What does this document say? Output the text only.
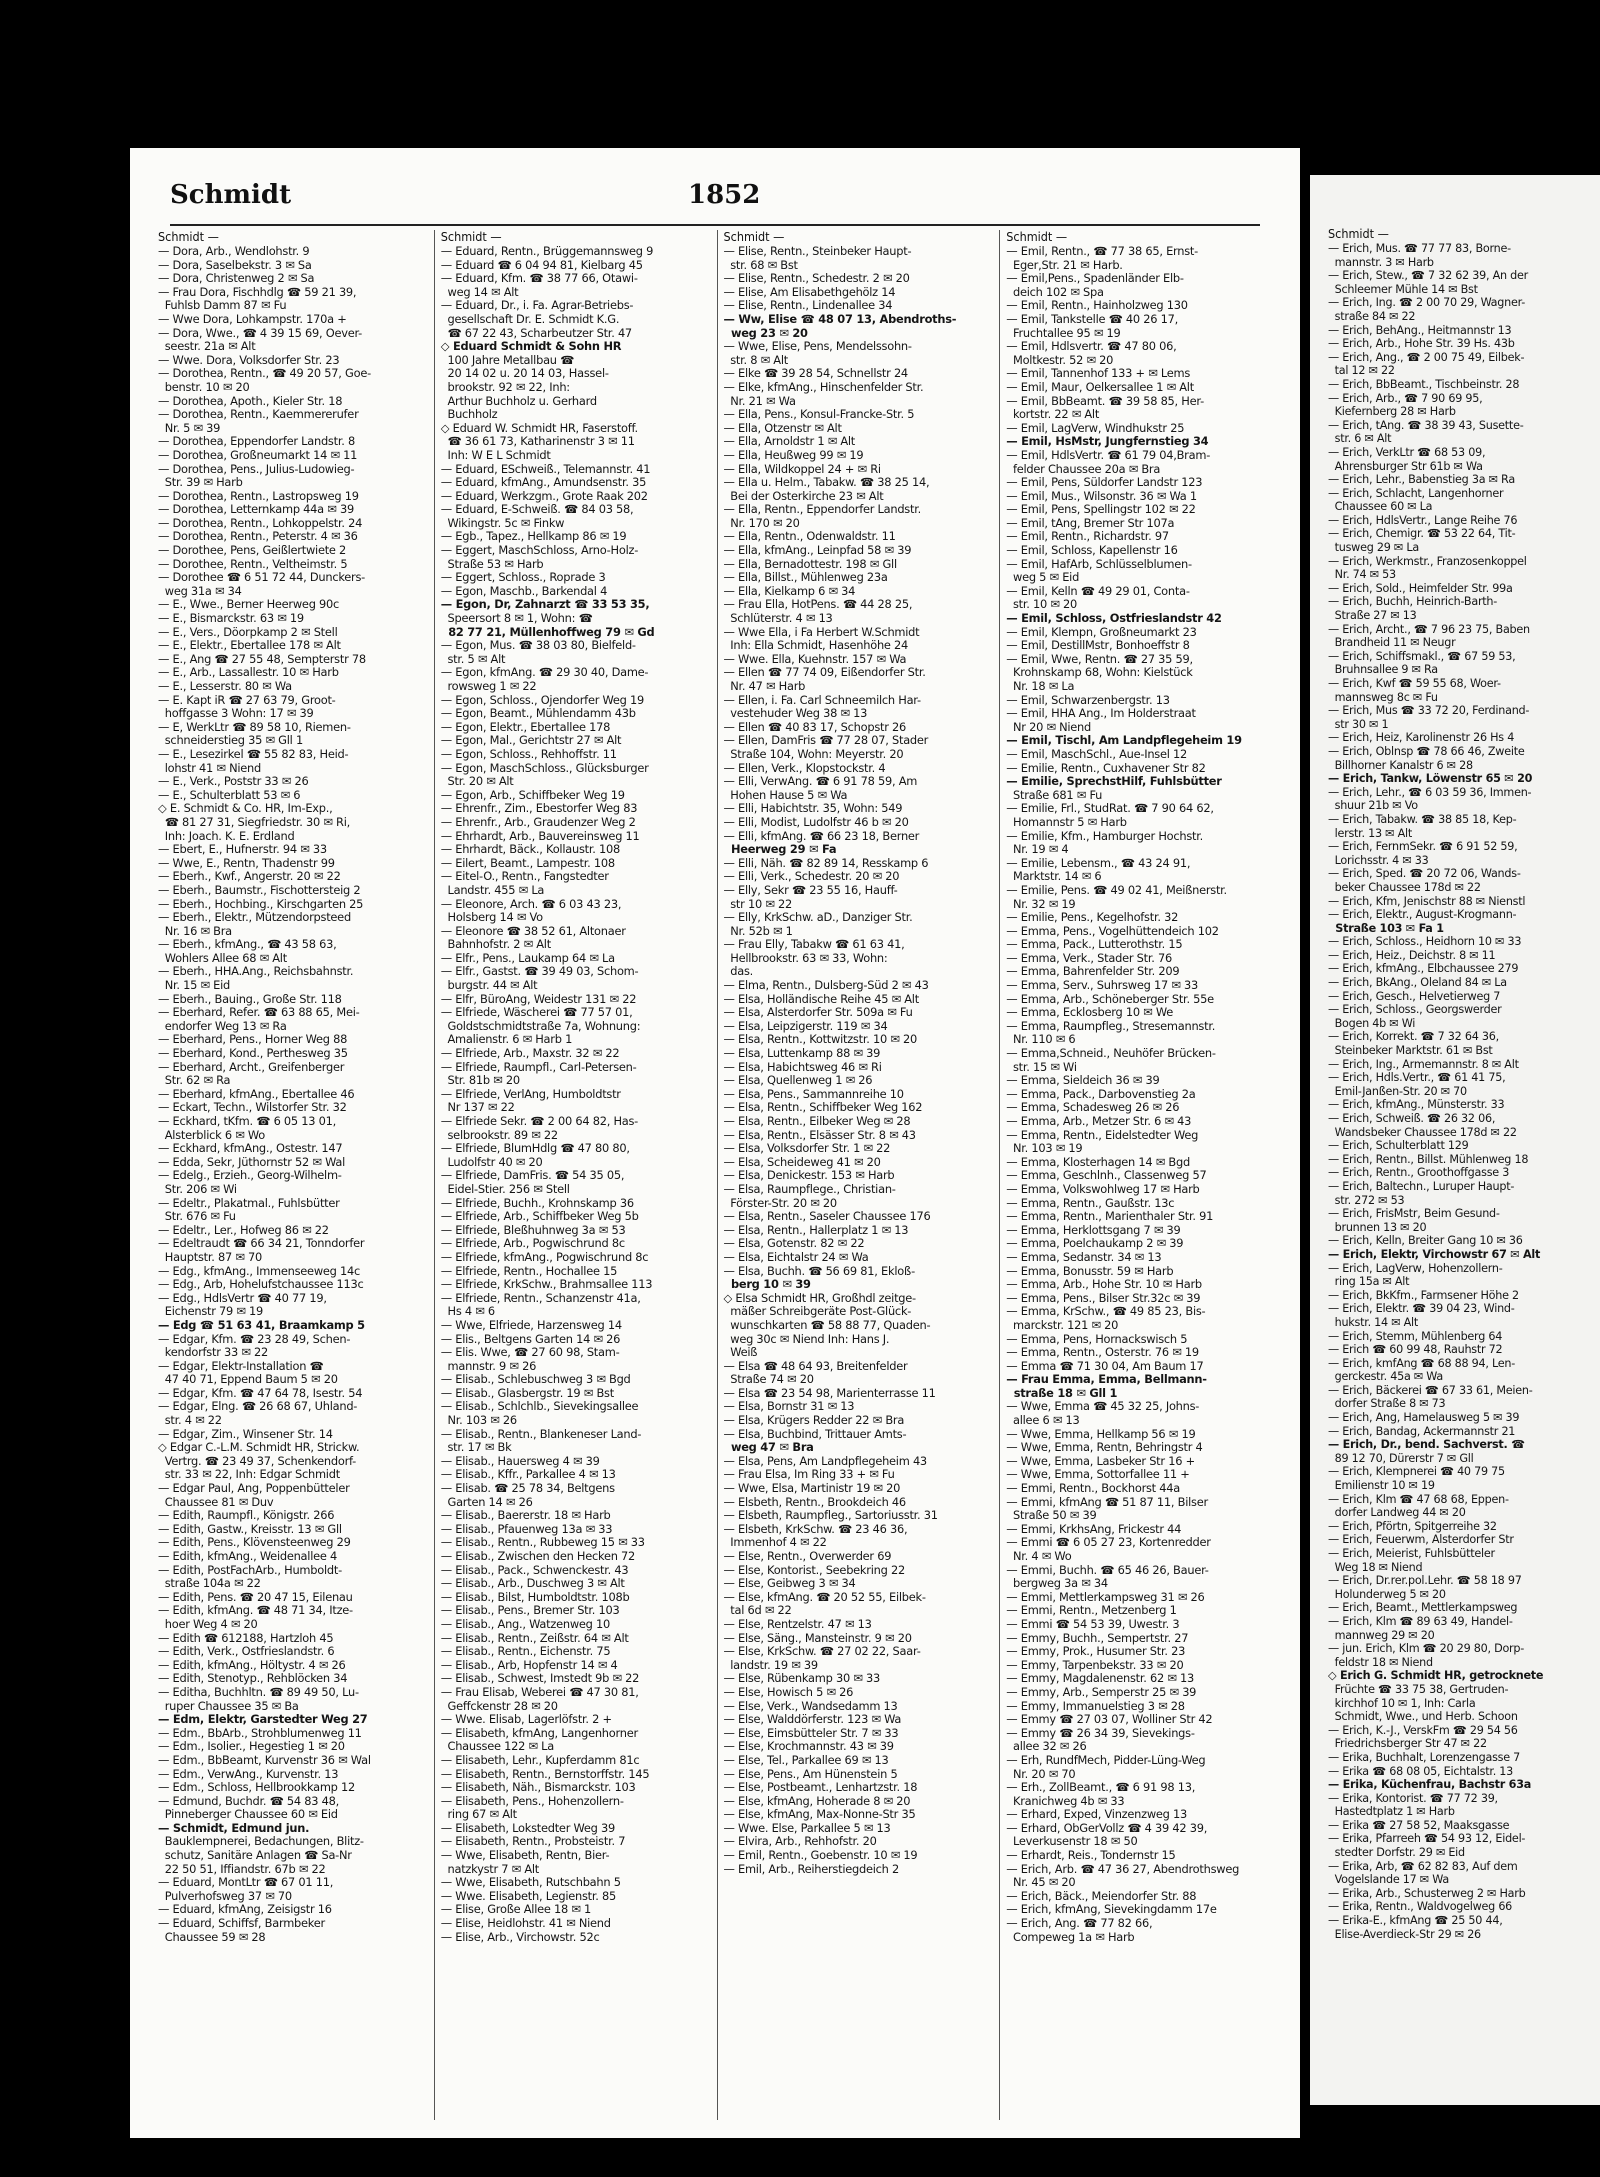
Schmidt	1852
Schmidt —

— Dora, Arb., Wendlohstr. 9

— Dora, Saselbekstr. 3 ✉ Sa

— Dora, Christenweg 2 ✉ Sa

— Frau Dora, Fischhdlg ☎ 59 21 39,

Fuhlsb Damm 87 ✉ Fu

— Wwe Dora, Lohkampstr. 170a +

— Dora, Wwe., ☎ 4 39 15 69, Oever-

seestr. 21a ✉ Alt

— Wwe. Dora, Volksdorfer Str. 23

— Dorothea, Rentn., ☎ 49 20 57, Goe-

benstr. 10 ✉ 20

— Dorothea, Apoth., Kieler Str. 18

— Dorothea, Rentn., Kaemmererufer

Nr. 5 ✉ 39

— Dorothea, Eppendorfer Landstr. 8

— Dorothea, Großneumarkt 14 ✉ 11

— Dorothea, Pens., Julius-Ludowieg-

Str. 39 ✉ Harb

— Dorothea, Rentn., Lastropsweg 19

— Dorothea, Letternkamp 44a ✉ 39

— Dorothea, Rentn., Lohkoppelstr. 24

— Dorothea, Rentn., Peterstr. 4 ✉ 36

— Dorothee, Pens, Geißlertwiete 2

— Dorothee, Rentn., Veltheimstr. 5

— Dorothee ☎ 6 51 72 44, Dunckers-

weg 31a ✉ 34

— E., Wwe., Berner Heerweg 90c

— E., Bismarckstr. 63 ✉ 19

— E., Vers., Döorpkamp 2 ✉ Stell

— E., Elektr., Ebertallee 178 ✉ Alt

— E., Ang ☎ 27 55 48, Sempterstr 78

— E., Arb., Lassallestr. 10 ✉ Harb

— E., Lesserstr. 80 ✉ Wa

— E. Kapt iR ☎ 27 63 79, Groot-

hoffgasse 3 Wohn: 17 ✉ 39

— E, WerkLtr ☎ 89 58 10, Riemen-

schneiderstieg 35 ✉ Gll 1

— E., Lesezirkel ☎ 55 82 83, Heid-

lohstr 41 ✉ Niend

— E., Verk., Poststr 33 ✉ 26

— E., Schulterblatt 53 ✉ 6

◇ E. Schmidt & Co. HR, Im-Exp.,

☎ 81 27 31, Siegfriedstr. 30 ✉ Ri,

Inh: Joach. K. E. Erdland

— Ebert, E., Hufnerstr. 94 ✉ 33

— Wwe, E., Rentn, Thadenstr 99

— Eberh., Kwf., Angerstr. 20 ✉ 22

— Eberh., Baumstr., Fischottersteig 2

— Eberh., Hochbing., Kirschgarten 25

— Eberh., Elektr., Mützendorpsteed

Nr. 16 ✉ Bra

— Eberh., kfmAng., ☎ 43 58 63,

Wohlers Allee 68 ✉ Alt

— Eberh., HHA.Ang., Reichsbahnstr.

Nr. 15 ✉ Eid

— Eberh., Bauing., Große Str. 118

— Eberhard, Refer. ☎ 63 88 65, Mei-

endorfer Weg 13 ✉ Ra

— Eberhard, Pens., Horner Weg 88

— Eberhard, Kond., Perthesweg 35

— Eberhard, Archt., Greifenberger

Str. 62 ✉ Ra

— Eberhard, kfmAng., Ebertallee 46

— Eckart, Techn., Wilstorfer Str. 32

— Eckhard, tKfm. ☎ 6 05 13 01,

Alsterblick 6 ✉ Wo

— Eckhard, kfmAng., Ostestr. 147

— Edda, Sekr, Jüthornstr 52 ✉ Wal

— Edelg., Erzieh., Georg-Wilhelm-

Str. 206 ✉ Wi

— Edeltr., Plakatmal., Fuhlsbütter

Str. 676 ✉ Fu

— Edeltr., Ler., Hofweg 86 ✉ 22

— Edeltraudt ☎ 66 34 21, Tonndorfer

Hauptstr. 87 ✉ 70

— Edg., kfmAng., Immenseeweg 14c

— Edg., Arb, Hohelufstchaussee 113c

— Edg., HdlsVertr ☎ 40 77 19,

Eichenstr 79 ✉ 19

— Edg ☎ 51 63 41, Braamkamp 5

— Edgar, Kfm. ☎ 23 28 49, Schen-

kendorfstr 33 ✉ 22

— Edgar, Elektr-Installation ☎

47 40 71, Eppend Baum 5 ✉ 20

— Edgar, Kfm. ☎ 47 64 78, Isestr. 54

— Edgar, Elng. ☎ 26 68 67, Uhland-

str. 4 ✉ 22

— Edgar, Zim., Winsener Str. 14

◇ Edgar C.-L.M. Schmidt HR, Strickw.

Vertrg. ☎ 23 49 37, Schenkendorf-

str. 33 ✉ 22, Inh: Edgar Schmidt

— Edgar Paul, Ang, Poppenbütteler

Chaussee 81 ✉ Duv

— Edith, Raumpfl., Königstr. 266

— Edith, Gastw., Kreisstr. 13 ✉ Gll

— Edith, Pens., Klövensteenweg 29

— Edith, kfmAng., Weidenallee 4

— Edith, PostFachArb., Humboldt-

straße 104a ✉ 22

— Edith, Pens. ☎ 20 47 15, Eilenau

— Edith, kfmAng. ☎ 48 71 34, Itze-

hoer Weg 4 ✉ 20

— Edith ☎ 612188, Hartzloh 45

— Edith, Verk., Ostfrieslandstr. 6

— Edith, kfmAng., Höltystr. 4 ✉ 26

— Edith, Stenotyp., Rehblöcken 34

— Editha, Buchhltn. ☎ 89 49 50, Lu-

ruper Chaussee 35 ✉ Ba

— Edm, Elektr, Garstedter Weg 27

— Edm., BbArb., Strohblumenweg 11

— Edm., Isolier., Hegestieg 1 ✉ 20

— Edm., BbBeamt, Kurvenstr 36 ✉ Wal

— Edm., VerwAng., Kurvenstr. 13

— Edm., Schloss, Hellbrookkamp 12

— Edmund, Buchdr. ☎ 54 83 48,

Pinneberger Chaussee 60 ✉ Eid

— Schmidt, Edmund jun.

Bauklempnerei, Bedachungen, Blitz-

schutz, Sanitäre Anlagen ☎ Sa-Nr

22 50 51, Iffiandstr. 67b ✉ 22

— Eduard, MontLtr ☎ 67 01 11,

Pulverhofsweg 37 ✉ 70

— Eduard, kfmAng, Zeisigstr 16

— Eduard, Schiffsf, Barmbeker

Chaussee 59 ✉ 28

Schmidt —

— Eduard, Rentn., Brüggemannsweg 9

— Eduard ☎ 6 04 94 81, Kielbarg 45

— Eduard, Kfm. ☎ 38 77 66, Otawi-

weg 14 ✉ Alt

— Eduard, Dr., i. Fa. Agrar-Betriebs-

gesellschaft Dr. E. Schmidt K.G.

☎ 67 22 43, Scharbeutzer Str. 47

◇ Eduard Schmidt & Sohn HR

100 Jahre Metallbau ☎

20 14 02 u. 20 14 03, Hassel-

brookstr. 92 ✉ 22, Inh:

Arthur Buchholz u. Gerhard

Buchholz

◇ Eduard W. Schmidt HR, Faserstoff.

☎ 36 61 73, Katharinenstr 3 ✉ 11

Inh: W E L Schmidt

— Eduard, ESchweiß., Telemannstr. 41

— Eduard, kfmAng., Amundsenstr. 35

— Eduard, Werkzgm., Grote Raak 202

— Eduard, E-Schweiß. ☎ 84 03 58,

Wikingstr. 5c ✉ Finkw

— Egb., Tapez., Hellkamp 86 ✉ 19

— Eggert, MaschSchloss, Arno-Holz-

Straße 53 ✉ Harb

— Eggert, Schloss., Roprade 3

— Egon, Maschb., Barkendal 4

— Egon, Dr, Zahnarzt ☎ 33 53 35,

Speersort 8 ✉ 1, Wohn: ☎

82 77 21, Müllenhoffweg 79 ✉ Gd

— Egon, Mus. ☎ 38 03 80, Bielfeld-

str. 5 ✉ Alt

— Egon, kfmAng. ☎ 29 30 40, Dame-

rowsweg 1 ✉ 22

— Egon, Schloss., Ojendorfer Weg 19

— Egon, Beamt., Mühlendamm 43b

— Egon, Elektr., Ebertallee 178

— Egon, Mal., Gerichtstr 27 ✉ Alt

— Egon, Schloss., Rehhoffstr. 11

— Egon, MaschSchloss., Glücksburger

Str. 20 ✉ Alt

— Egon, Arb., Schiffbeker Weg 19

— Ehrenfr., Zim., Ebestorfer Weg 83

— Ehrenfr., Arb., Graudenzer Weg 2

— Ehrhardt, Arb., Bauvereinsweg 11

— Ehrhardt, Bäck., Kollaustr. 108

— Eilert, Beamt., Lampestr. 108

— Eitel-O., Rentn., Fangstedter

Landstr. 455 ✉ La

— Eleonore, Arch. ☎ 6 03 43 23,

Holsberg 14 ✉ Vo

— Eleonore ☎ 38 52 61, Altonaer

Bahnhofstr. 2 ✉ Alt

— Elfr., Pens., Laukamp 64 ✉ La

— Elfr., Gastst. ☎ 39 49 03, Schom-

burgstr. 44 ✉ Alt

— Elfr, BüroAng, Weidestr 131 ✉ 22

— Elfriede, Wäscherei ☎ 77 57 01,

Goldstschmidtstraße 7a, Wohnung:

Amalienstr. 6 ✉ Harb 1

— Elfriede, Arb., Maxstr. 32 ✉ 22

— Elfriede, Raumpfl., Carl-Petersen-

Str. 81b ✉ 20

— Elfriede, VerlAng, Humboldtstr

Nr 137 ✉ 22

— Elfriede Sekr. ☎ 2 00 64 82, Has-

selbrookstr. 89 ✉ 22

— Elfriede, BlumHdlg ☎ 47 80 80,

Ludolfstr 40 ✉ 20

— Elfriede, DamFris. ☎ 54 35 05,

Eidel-Stier. 256 ✉ Stell

— Elfriede, Buchh., Krohnskamp 36

— Elfriede, Arb., Schiffbeker Weg 5b

— Elfriede, Bleßhuhnweg 3a ✉ 53

— Elfriede, Arb., Pogwischrund 8c

— Elfriede, kfmAng., Pogwischrund 8c

— Elfriede, Rentn., Hochallee 15

— Elfriede, KrkSchw., Brahmsallee 113

— Elfriede, Rentn., Schanzenstr 41a,

Hs 4 ✉ 6

— Wwe, Elfriede, Harzensweg 14

— Elis., Beltgens Garten 14 ✉ 26

— Elis. Wwe, ☎ 27 60 98, Stam-

mannstr. 9 ✉ 26

— Elisab., Schlebuschweg 3 ✉ Bgd

— Elisab., Glasbergstr. 19 ✉ Bst

— Elisab., Schlchlb., Sievekingsallee

Nr. 103 ✉ 26

— Elisab., Rentn., Blankeneser Land-

str. 17 ✉ Bk

— Elisab., Hauersweg 4 ✉ 39

— Elisab., Kffr., Parkallee 4 ✉ 13

— Elisab. ☎ 25 78 34, Beltgens

Garten 14 ✉ 26

— Elisab., Baererstr. 18 ✉ Harb

— Elisab., Pfauenweg 13a ✉ 33

— Elisab., Rentn., Rubbeweg 15 ✉ 33

— Elisab., Zwischen den Hecken 72

— Elisab., Pack., Schwenckestr. 43

— Elisab., Arb., Duschweg 3 ✉ Alt

— Elisab., Bilst, Humboldtstr. 108b

— Elisab., Pens., Bremer Str. 103

— Elisab., Ang., Watzenweg 10

— Elisab., Rentn., Zeißstr. 64 ✉ Alt

— Elisab., Rentn., Eichenstr. 75

— Elisab., Arb, Hopfenstr 14 ✉ 4

— Elisab., Schwest, Imstedt 9b ✉ 22

— Frau Elisab, Weberei ☎ 47 30 81,

Geffckenstr 28 ✉ 20

— Wwe. Elisab, Lagerlöfstr. 2 +

— Elisabeth, kfmAng, Langenhorner

Chaussee 122 ✉ La

— Elisabeth, Lehr., Kupferdamm 81c

— Elisabeth, Rentn., Bernstorffstr. 145

— Elisabeth, Näh., Bismarckstr. 103

— Elisabeth, Pens., Hohenzollern-

ring 67 ✉ Alt

— Elisabeth, Lokstedter Weg 39

— Elisabeth, Rentn., Probsteistr. 7

— Wwe, Elisabeth, Rentn, Bier-

natzkystr 7 ✉ Alt

— Wwe, Elisabeth, Rutschbahn 5

— Wwe. Elisabeth, Legienstr. 85

— Elise, Große Allee 18 ✉ 1

— Elise, Heidlohstr. 41 ✉ Niend

— Elise, Arb., Virchowstr. 52c

Schmidt —

— Elise, Rentn., Steinbeker Haupt-

str. 68 ✉ Bst

— Elise, Rentn., Schedestr. 2 ✉ 20

— Elise, Am Elisabethgehölz 14

— Elise, Rentn., Lindenallee 34

— Ww, Elise ☎ 48 07 13, Abendroths-

weg 23 ✉ 20

— Wwe, Elise, Pens, Mendelssohn-

str. 8 ✉ Alt

— Elke ☎ 39 28 54, Schnellstr 24

— Elke, kfmAng., Hinschenfelder Str.

Nr. 21 ✉ Wa

— Ella, Pens., Konsul-Francke-Str. 5

— Ella, Otzenstr ✉ Alt

— Ella, Arnoldstr 1 ✉ Alt

— Ella, Heußweg 99 ✉ 19

— Ella, Wildkoppel 24 + ✉ Ri

— Ella u. Helm., Tabakw. ☎ 38 25 14,

Bei der Osterkirche 23 ✉ Alt

— Ella, Rentn., Eppendorfer Landstr.

Nr. 170 ✉ 20

— Ella, Rentn., Odenwaldstr. 11

— Ella, kfmAng., Leinpfad 58 ✉ 39

— Ella, Bernadottestr. 198 ✉ Gll

— Ella, Billst., Mühlenweg 23a

— Ella, Kielkamp 6 ✉ 34

— Frau Ella, HotPens. ☎ 44 28 25,

Schlüterstr. 4 ✉ 13

— Wwe Ella, i Fa Herbert W.Schmidt

Inh: Ella Schmidt, Hasenhöhe 24

— Wwe. Ella, Kuehnstr. 157 ✉ Wa

— Ellen ☎ 77 74 09, Eißendorfer Str.

Nr. 47 ✉ Harb

— Ellen, i. Fa. Carl Schneemilch Har-

vestehuder Weg 38 ✉ 13

— Ellen ☎ 40 83 17, Schopstr 26

— Ellen, DamFris ☎ 77 28 07, Stader

Straße 104, Wohn: Meyerstr. 20

— Ellen, Verk., Klopstockstr. 4

— Elli, VerwAng. ☎ 6 91 78 59, Am

Hohen Hause 5 ✉ Wa

— Elli, Habichtstr. 35, Wohn: 549

— Elli, Modist, Ludolfstr 46 b ✉ 20

— Elli, kfmAng. ☎ 66 23 18, Berner

Heerweg 29 ✉ Fa

— Elli, Näh. ☎ 82 89 14, Resskamp 6

— Elli, Verk., Schedestr. 20 ✉ 20

— Elly, Sekr ☎ 23 55 16, Hauff-

str 10 ✉ 22

— Elly, KrkSchw. aD., Danziger Str.

Nr. 52b ✉ 1

— Frau Elly, Tabakw ☎ 61 63 41,

Hellbrookstr. 63 ✉ 33, Wohn:

das.

— Elma, Rentn., Dulsberg-Süd 2 ✉ 43

— Elsa, Holländische Reihe 45 ✉ Alt

— Elsa, Alsterdorfer Str. 509a ✉ Fu

— Elsa, Leipzigerstr. 119 ✉ 34

— Elsa, Rentn., Kottwitzstr. 10 ✉ 20

— Elsa, Luttenkamp 88 ✉ 39

— Elsa, Habichtsweg 46 ✉ Ri

— Elsa, Quellenweg 1 ✉ 26

— Elsa, Pens., Sammannreihe 10

— Elsa, Rentn., Schiffbeker Weg 162

— Elsa, Rentn., Eilbeker Weg ✉ 28

— Elsa, Rentn., Elsässer Str. 8 ✉ 43

— Elsa, Volksdorfer Str. 1 ✉ 22

— Elsa, Scheideweg 41 ✉ 20

— Elsa, Denickestr. 153 ✉ Harb

— Elsa, Raumpflege., Christian-

Förster-Str. 20 ✉ 20

— Elsa, Rentn., Saseler Chaussee 176

— Elsa, Rentn., Hallerplatz 1 ✉ 13

— Elsa, Gotenstr. 82 ✉ 22

— Elsa, Eichtalstr 24 ✉ Wa

— Elsa, Buchh. ☎ 56 69 81, Ekloß-

berg 10 ✉ 39

◇ Elsa Schmidt HR, Großhdl zeitge-

mäßer Schreibgeräte Post-Glück-

wunschkarten ☎ 58 88 77, Quaden-

weg 30c ✉ Niend Inh: Hans J.

Weiß

— Elsa ☎ 48 64 93, Breitenfelder

Straße 74 ✉ 20

— Elsa ☎ 23 54 98, Marienterrasse 11

— Elsa, Bornstr 31 ✉ 13

— Elsa, Krügers Redder 22 ✉ Bra

— Elsa, Buchbind, Trittauer Amts-

weg 47 ✉ Bra

— Elsa, Pens, Am Landpflegeheim 43

— Frau Elsa, Im Ring 33 + ✉ Fu

— Wwe, Elsa, Martinistr 19 ✉ 20

— Elsbeth, Rentn., Brookdeich 46

— Elsbeth, Raumpfleg., Sartoriusstr. 31

— Elsbeth, KrkSchw. ☎ 23 46 36,

Immenhof 4 ✉ 22

— Else, Rentn., Overwerder 69

— Else, Kontorist., Seebekring 22

— Else, Geibweg 3 ✉ 34

— Else, kfmAng. ☎ 20 52 55, Eilbek-

tal 6d ✉ 22

— Else, Rentzelstr. 47 ✉ 13

— Else, Säng., Mansteinstr. 9 ✉ 20

— Else, KrkSchw. ☎ 27 02 22, Saar-

landstr. 19 ✉ 39

— Else, Rübenkamp 30 ✉ 33

— Else, Howisch 5 ✉ 26

— Else, Verk., Wandsedamm 13

— Else, Walddörferstr. 123 ✉ Wa

— Else, Eimsbütteler Str. 7 ✉ 33

— Else, Krochmannstr. 43 ✉ 39

— Else, Tel., Parkallee 69 ✉ 13

— Else, Pens., Am Hünenstein 5

— Else, Postbeamt., Lenhartzstr. 18

— Else, kfmAng, Hoherade 8 ✉ 20

— Else, kfmAng, Max-Nonne-Str 35

— Wwe. Else, Parkallee 5 ✉ 13

— Elvira, Arb., Rehhofstr. 20

— Emil, Rentn., Goebenstr. 10 ✉ 19

— Emil, Arb., Reiherstiegdeich 2

Schmidt —

— Emil, Rentn., ☎ 77 38 65, Ernst-

Eger,Str. 21 ✉ Harb.

— Emil,Pens., Spadenländer Elb-

deich 102 ✉ Spa

— Emil, Rentn., Hainholzweg 130

— Emil, Tankstelle ☎ 40 26 17,

Fruchtallee 95 ✉ 19

— Emil, Hdlsvertr. ☎ 47 80 06,

Moltkestr. 52 ✉ 20

— Emil, Tannenhof 133 + ✉ Lems

— Emil, Maur, Oelkersallee 1 ✉ Alt

— Emil, BbBeamt. ☎ 39 58 85, Her-

kortstr. 22 ✉ Alt

— Emil, LagVerw, Windhukstr 25

— Emil, HsMstr, Jungfernstieg 34

— Emil, HdlsVertr. ☎ 61 79 04,Bram-

felder Chaussee 20a ✉ Bra

— Emil, Pens, Süldorfer Landstr 123

— Emil, Mus., Wilsonstr. 36 ✉ Wa 1

— Emil, Pens, Spellingstr 102 ✉ 22

— Emil, tAng, Bremer Str 107a

— Emil, Rentn., Richardstr. 97

— Emil, Schloss, Kapellenstr 16

— Emil, HafArb, Schlüsselblumen-

weg 5 ✉ Eid

— Emil, Kelln ☎ 49 29 01, Conta-

str. 10 ✉ 20

— Emil, Schloss, Ostfrieslandstr 42

— Emil, Klempn, Großneumarkt 23

— Emil, DestillMstr, Bonhoeffstr 8

— Emil, Wwe, Rentn. ☎ 27 35 59,

Krohnskamp 68, Wohn: Kielstück

Nr. 18 ✉ La

— Emil, Schwarzenbergstr. 13

— Emil, HHA Ang., Im Holderstraat

Nr 20 ✉ Niend

— Emil, Tischl, Am Landpflegeheim 19

— Emil, MaschSchl., Aue-Insel 12

— Emilie, Rentn., Cuxhavener Str 82

— Emilie, SprechstHilf, Fuhlsbütter

Straße 681 ✉ Fu

— Emilie, Frl., StudRat. ☎ 7 90 64 62,

Homannstr 5 ✉ Harb

— Emilie, Kfm., Hamburger Hochstr.

Nr. 19 ✉ 4

— Emilie, Lebensm., ☎ 43 24 91,

Marktstr. 14 ✉ 6

— Emilie, Pens. ☎ 49 02 41, Meißnerstr.

Nr. 32 ✉ 19

— Emilie, Pens., Kegelhofstr. 32

— Emma, Pens., Vogelhüttendeich 102

— Emma, Pack., Lutterothstr. 15

— Emma, Verk., Stader Str. 76

— Emma, Bahrenfelder Str. 209

— Emma, Serv., Suhrsweg 17 ✉ 33

— Emma, Arb., Schöneberger Str. 55e

— Emma, Ecklosberg 10 ✉ We

— Emma, Raumpfleg., Stresemannstr.

Nr. 110 ✉ 6

— Emma,Schneid., Neuhöfer Brücken-

str. 15 ✉ Wi

— Emma, Sieldeich 36 ✉ 39

— Emma, Pack., Darbovenstieg 2a

— Emma, Schadesweg 26 ✉ 26

— Emma, Arb., Metzer Str. 6 ✉ 43

— Emma, Rentn., Eidelstedter Weg

Nr. 103 ✉ 19

— Emma, Klosterhagen 14 ✉ Bgd

— Emma, Geschlnh., Classenweg 57

— Emma, Volkswohlweg 17 ✉ Harb

— Emma, Rentn., Gaußstr. 13c

— Emma, Rentn., Marienthaler Str. 91

— Emma, Herklottsgang 7 ✉ 39

— Emma, Poelchaukamp 2 ✉ 39

— Emma, Sedanstr. 34 ✉ 13

— Emma, Bonusstr. 59 ✉ Harb

— Emma, Arb., Hohe Str. 10 ✉ Harb

— Emma, Pens., Bilser Str.32c ✉ 39

— Emma, KrSchw., ☎ 49 85 23, Bis-

marckstr. 121 ✉ 20

— Emma, Pens, Hornackswisch 5

— Emma, Rentn., Osterstr. 76 ✉ 19

— Emma ☎ 71 30 04, Am Baum 17

— Frau Emma, Emma, Bellmann-

straße 18 ✉ Gll 1

— Wwe, Emma ☎ 45 32 25, Johns-

allee 6 ✉ 13

— Wwe, Emma, Hellkamp 56 ✉ 19

— Wwe, Emma, Rentn, Behringstr 4

— Wwe, Emma, Lasbeker Str 16 +

— Wwe, Emma, Sottorfallee 11 +

— Emmi, Rentn., Bockhorst 44a

— Emmi, kfmAng ☎ 51 87 11, Bilser

Straße 50 ✉ 39

— Emmi, KrkhsAng, Frickestr 44

— Emmi ☎ 6 05 27 23, Kortenredder

Nr. 4 ✉ Wo

— Emmi, Buchh. ☎ 65 46 26, Bauer-

bergweg 3a ✉ 34

— Emmi, Mettlerkampsweg 31 ✉ 26

— Emmi, Rentn., Metzenberg 1

— Emmi ☎ 54 53 39, Uwestr. 3

— Emmy, Buchh., Sempertstr. 27

— Emmy, Prok., Husumer Str. 23

— Emmy, Tarpenbekstr. 33 ✉ 20

— Emmy, Magdalenenstr. 62 ✉ 13

— Emmy, Arb., Semperstr 25 ✉ 39

— Emmy, Immanuelstieg 3 ✉ 28

— Emmy ☎ 27 03 07, Wolliner Str 42

— Emmy ☎ 26 34 39, Sievekings-

allee 32 ✉ 26

— Erh, RundfMech, Pidder-Lüng-Weg

Nr. 20 ✉ 70

— Erh., ZollBeamt., ☎ 6 91 98 13,

Kranichweg 4b ✉ 33

— Erhard, Exped, Vinzenzweg 13

— Erhard, ObGerVollz ☎ 4 39 42 39,

Leverkusenstr 18 ✉ 50

— Erhardt, Reis., Tondernstr 15

— Erich, Arb. ☎ 47 36 27, Abendrothsweg

Nr. 45 ✉ 20

— Erich, Bäck., Meiendorfer Str. 88

— Erich, kfmAng, Sievekingdamm 17e

— Erich, Ang. ☎ 77 82 66,

Compeweg 1a ✉ Harb

Schmidt —

— Erich, Mus. ☎ 77 77 83, Borne-

mannstr. 3 ✉ Harb

— Erich, Stew., ☎ 7 32 62 39, An der

Schleemer Mühle 14 ✉ Bst

— Erich, Ing. ☎ 2 00 70 29, Wagner-

straße 84 ✉ 22

— Erich, BehAng., Heitmannstr 13

— Erich, Arb., Hohe Str. 39 Hs. 43b

— Erich, Ang., ☎ 2 00 75 49, Eilbek-

tal 12 ✉ 22

— Erich, BbBeamt., Tischbeinstr. 28

— Erich, Arb., ☎ 7 90 69 95,

Kiefernberg 28 ✉ Harb

— Erich, tAng. ☎ 38 39 43, Susette-

str. 6 ✉ Alt

— Erich, VerkLtr ☎ 68 53 09,

Ahrensburger Str 61b ✉ Wa

— Erich, Lehr., Babenstieg 3a ✉ Ra

— Erich, Schlacht, Langenhorner

Chaussee 60 ✉ La

— Erich, HdlsVertr., Lange Reihe 76

— Erich, Chemigr. ☎ 53 22 64, Tit-

tusweg 29 ✉ La

— Erich, Werkmstr., Franzosenkoppel

Nr. 74 ✉ 53

— Erich, Sold., Heimfelder Str. 99a

— Erich, Buchh, Heinrich-Barth-

Straße 27 ✉ 13

— Erich, Archt., ☎ 7 96 23 75, Baben

Brandheid 11 ✉ Neugr

— Erich, Schiffsmakl., ☎ 67 59 53,

Bruhnsallee 9 ✉ Ra

— Erich, Kwf ☎ 59 55 68, Woer-

mannsweg 8c ✉ Fu

— Erich, Mus ☎ 33 72 20, Ferdinand-

str 30 ✉ 1

— Erich, Heiz, Karolinenstr 26 Hs 4

— Erich, Oblnsp ☎ 78 66 46, Zweite

Billhorner Kanalstr 6 ✉ 28

— Erich, Tankw, Löwenstr 65 ✉ 20

— Erich, Lehr., ☎ 6 03 59 36, Immen-

shuur 21b ✉ Vo

— Erich, Tabakw. ☎ 38 85 18, Kep-

lerstr. 13 ✉ Alt

— Erich, FernmSekr. ☎ 6 91 52 59,

Lorichsstr. 4 ✉ 33

— Erich, Sped. ☎ 20 72 06, Wands-

beker Chaussee 178d ✉ 22

— Erich, Kfm, Jenischstr 88 ✉ Nienstl

— Erich, Elektr., August-Krogmann-

Straße 103 ✉ Fa 1

— Erich, Schloss., Heidhorn 10 ✉ 33

— Erich, Heiz., Deichstr. 8 ✉ 11

— Erich, kfmAng., Elbchaussee 279

— Erich, BkAng., Oleland 84 ✉ La

— Erich, Gesch., Helvetierweg 7

— Erich, Schloss., Georgswerder

Bogen 4b ✉ Wi

— Erich, Korrekt. ☎ 7 32 64 36,

Steinbeker Marktstr. 61 ✉ Bst

— Erich, Ing., Armemannstr. 8 ✉ Alt

— Erich, Hdls.Vertr., ☎ 61 41 75,

Emil-Janßen-Str. 20 ✉ 70

— Erich, kfmAng., Münsterstr. 33

— Erich, Schweiß. ☎ 26 32 06,

Wandsbeker Chaussee 178d ✉ 22

— Erich, Schulterblatt 129

— Erich, Rentn., Billst. Mühlenweg 18

— Erich, Rentn., Groothoffgasse 3

— Erich, Baltechn., Luruper Haupt-

str. 272 ✉ 53

— Erich, FrisMstr, Beim Gesund-

brunnen 13 ✉ 20

— Erich, Kelln, Breiter Gang 10 ✉ 36

— Erich, Elektr, Virchowstr 67 ✉ Alt

— Erich, LagVerw, Hohenzollern-

ring 15a ✉ Alt

— Erich, BkKfm., Farmsener Höhe 2

— Erich, Elektr. ☎ 39 04 23, Wind-

hukstr. 14 ✉ Alt

— Erich, Stemm, Mühlenberg 64

— Erich ☎ 60 99 48, Rauhstr 72

— Erich, kmfAng ☎ 68 88 94, Len-

gerckestr. 45a ✉ Wa

— Erich, Bäckerei ☎ 67 33 61, Meien-

dorfer Straße 8 ✉ 73

— Erich, Ang, Hamelausweg 5 ✉ 39

— Erich, Bandag, Ackermannstr 21

— Erich, Dr., bend. Sachverst. ☎

89 12 70, Dürerstr 7 ✉ Gll

— Erich, Klempnerei ☎ 40 79 75

Emilienstr 10 ✉ 19

— Erich, Klm ☎ 47 68 68, Eppen-

dorfer Landweg 44 ✉ 20

— Erich, Pförtn, Spitgerreihe 32

— Erich, Feuerwm, Alsterdorfer Str

— Erich, Meierist, Fuhlsbütteler

Weg 18 ✉ Niend

— Erich, Dr.rer.pol.Lehr. ☎ 58 18 97

Holunderweg 5 ✉ 20

— Erich, Beamt., Mettlerkampsweg

— Erich, Klm ☎ 89 63 49, Handel-

mannweg 29 ✉ 20

— jun. Erich, Klm ☎ 20 29 80, Dorp-

feldstr 18 ✉ Niend

◇ Erich G. Schmidt HR, getrocknete

Früchte ☎ 33 75 38, Gertruden-

kirchhof 10 ✉ 1, Inh: Carla

Schmidt, Wwe., und Herb. Schoon

— Erich, K.-J., VerskFm ☎ 29 54 56

Friedrichsberger Str 47 ✉ 22

— Erika, Buchhalt, Lorenzengasse 7

— Erika ☎ 68 08 05, Eichtalstr. 13

— Erika, Küchenfrau, Bachstr 63a

— Erika, Kontorist. ☎ 77 72 39,

Hastedtplatz 1 ✉ Harb

— Erika ☎ 27 58 52, Maaksgasse

— Erika, Pfarreeh ☎ 54 93 12, Eidel-

stedter Dorfstr. 29 ✉ Eid

— Erika, Arb, ☎ 62 82 83, Auf dem

Vogelslande 17 ✉ Wa

— Erika, Arb., Schusterweg 2 ✉ Harb

— Erika, Rentn., Waldvogelweg 66

— Erika-E., kfmAng ☎ 25 50 44,

Elise-Averdieck-Str 29 ✉ 26
